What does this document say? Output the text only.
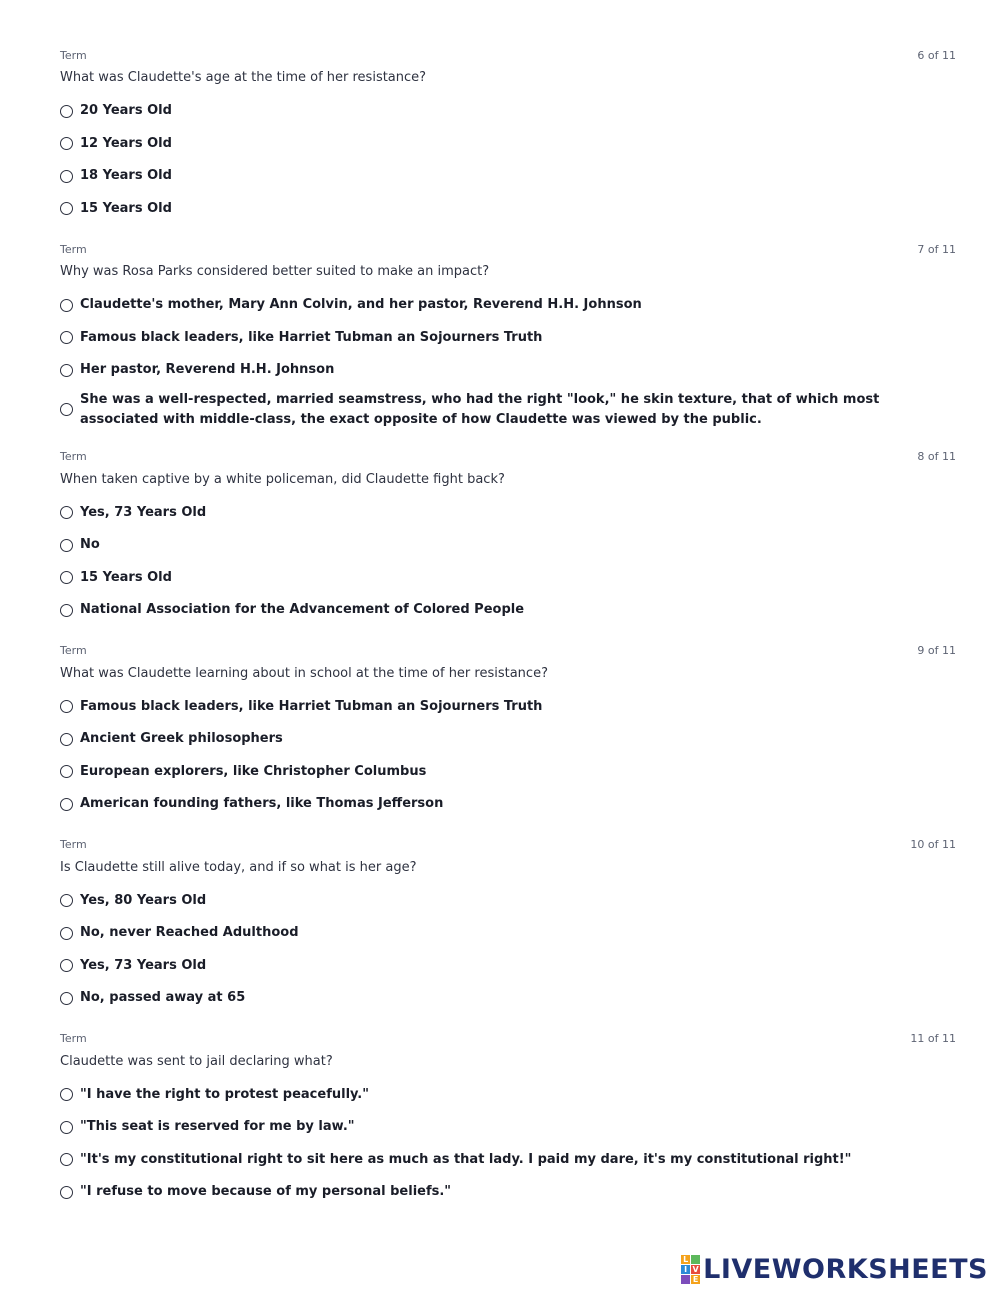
Term	6 of 11
What was Claudette's age at the time of her resistance?
20 Years Old
12 Years Old
18 Years Old
15 Years Old
Term	7 of 11
Why was Rosa Parks considered better suited to make an impact?
Claudette's mother, Mary Ann Colvin, and her pastor, Reverend H.H. Johnson
Famous black leaders, like Harriet Tubman an Sojourners Truth
Her pastor, Reverend H.H. Johnson
She was a well-respected, married seamstress, who had the right "look," he skin texture, that of which most associated with middle-class, the exact opposite of how Claudette was viewed by the public.
Term	8 of 11
When taken captive by a white policeman, did Claudette fight back?
Yes, 73 Years Old
No
15 Years Old
National Association for the Advancement of Colored People
Term	9 of 11
What was Claudette learning about in school at the time of her resistance?
Famous black leaders, like Harriet Tubman an Sojourners Truth
Ancient Greek philosophers
European explorers, like Christopher Columbus
American founding fathers, like Thomas Jefferson
Term	10 of 11
Is Claudette still alive today, and if so what is her age?
Yes, 80 Years Old
No, never Reached Adulthood
Yes, 73 Years Old
No, passed away at 65
Term	11 of 11
Claudette was sent to jail declaring what?
"I have the right to protest peacefully."
"This seat is reserved for me by law."
"It's my constitutional right to sit here as much as that lady. I paid my dare, it's my constitutional right!"
"I refuse to move because of my personal beliefs."
L
I V
E LIVEWORKSHEETS
